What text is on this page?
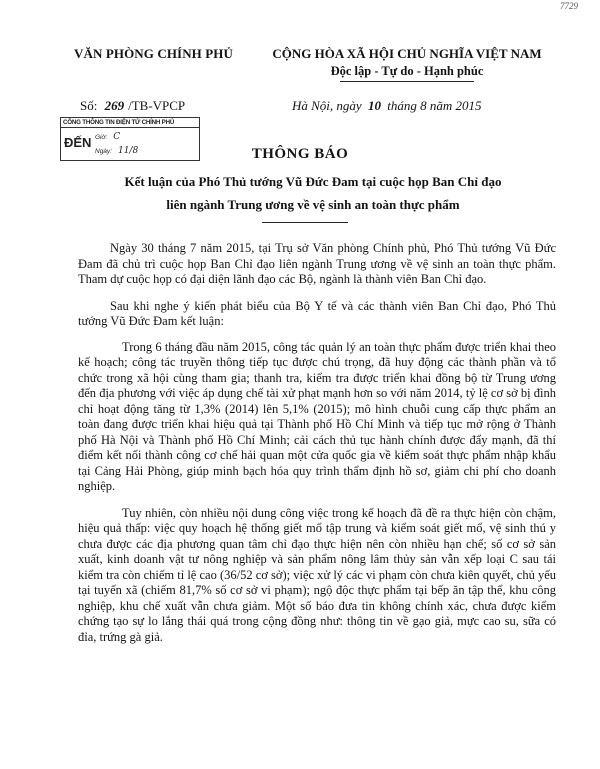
7729
VĂN PHÒNG CHÍNH PHỦ	CỘNG HÒA XÃ HỘI CHỦ NGHĨA VIỆT NAM
Độc lập - Tự do - Hạnh phúc
Số: 269 /TB-VPCP	Hà Nội, ngày 10 tháng 8 năm 2015
CỔNG THÔNG TIN ĐIỆN TỬ CHÍNH PHỦ
ĐẾN Giờ: C
Ngày: 11/8	THÔNG BÁO
Kết luận của Phó Thủ tướng Vũ Đức Đam tại cuộc họp Ban Chỉ đạo
liên ngành Trung ương về vệ sinh an toàn thực phẩm

Ngày 30 tháng 7 năm 2015, tại Trụ sở Văn phòng Chính phủ, Phó Thủ tướng Vũ Đức Đam đã chủ trì cuộc họp Ban Chỉ đạo liên ngành Trung ương về vệ sinh an toàn thực phẩm. Tham dự cuộc họp có đại diện lãnh đạo các Bộ, ngành là thành viên Ban Chỉ đạo.

Sau khi nghe ý kiến phát biểu của Bộ Y tế và các thành viên Ban Chỉ đạo, Phó Thủ tướng Vũ Đức Đam kết luận:

Trong 6 tháng đầu năm 2015, công tác quản lý an toàn thực phẩm được triển khai theo kế hoạch; công tác truyền thông tiếp tục được chú trọng, đã huy động các thành phần và tổ chức trong xã hội cùng tham gia; thanh tra, kiểm tra được triển khai đồng bộ từ Trung ương đến địa phương với việc áp dụng chế tài xử phạt mạnh hơn so với năm 2014, tỷ lệ cơ sở bị đình chỉ hoạt động tăng từ 1,3% (2014) lên 5,1% (2015); mô hình chuỗi cung cấp thực phẩm an toàn đang được triển khai hiệu quả tại Thành phố Hồ Chí Minh và tiếp tục mở rộng ở Thành phố Hà Nội và Thành phố Hồ Chí Minh; cải cách thủ tục hành chính được đẩy mạnh, đã thí điểm kết nối thành công cơ chế hải quan một cửa quốc gia về kiểm soát thực phẩm nhập khẩu tại Cảng Hải Phòng, giúp minh bạch hóa quy trình thẩm định hồ sơ, giảm chi phí cho doanh nghiệp.

Tuy nhiên, còn nhiều nội dung công việc trong kế hoạch đã đề ra thực hiện còn chậm, hiệu quả thấp: việc quy hoạch hệ thống giết mổ tập trung và kiểm soát giết mổ, vệ sinh thú y chưa được các địa phương quan tâm chỉ đạo thực hiện nên còn nhiều hạn chế; số cơ sở sản xuất, kinh doanh vật tư nông nghiệp và sản phẩm nông lâm thủy sản vẫn xếp loại C sau tái kiểm tra còn chiếm tỉ lệ cao (36/52 cơ sở); việc xử lý các vi phạm còn chưa kiên quyết, chủ yếu tại tuyến xã (chiếm 81,7% số cơ sở vi phạm); ngộ độc thực phẩm tại bếp ăn tập thể, khu công nghiệp, khu chế xuất vẫn chưa giảm. Một số báo đưa tin không chính xác, chưa được kiểm chứng tạo sự lo lắng thái quá trong cộng đồng như: thông tin về gạo giả, mực cao su, sữa có đỉa, trứng gà giả.
